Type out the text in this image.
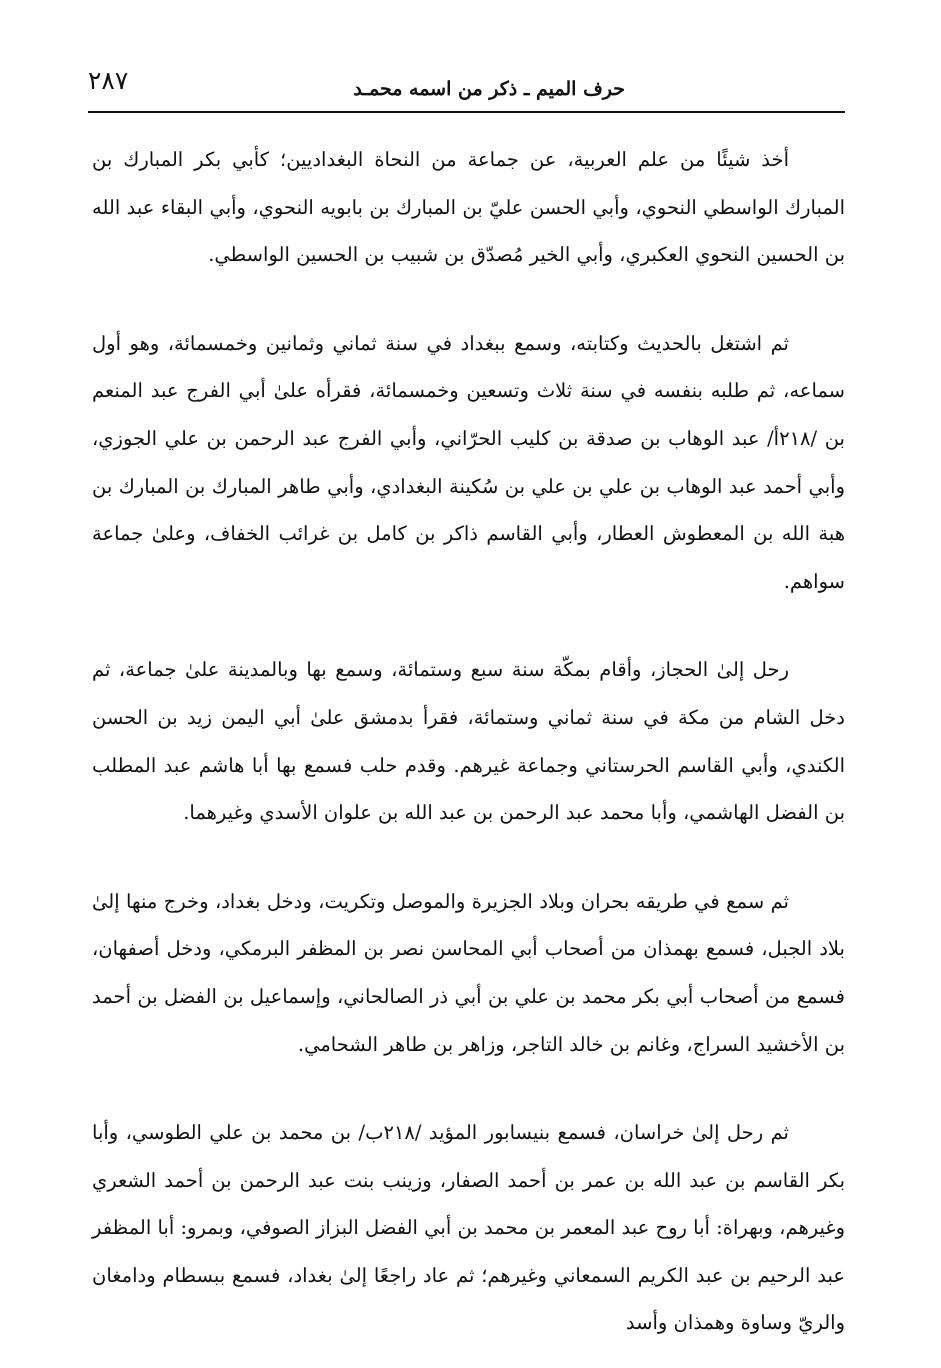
حرف الميم ـ ذكر من اسمه محمـد
٢٨٧

أخذ شيئًا من علم العربية، عن جماعة من النحاة البغداديين؛ كأبي بكر المبارك بن المبارك الواسطي النحوي، وأبي الحسن عليّ بن المبارك بن بابويه النحوي، وأبي البقاء عبد الله بن الحسين النحوي العكبري، وأبي الخير مُصدّق بن شبيب بن الحسين الواسطي.

ثم اشتغل بالحديث وكتابته، وسمع ببغداد في سنة ثماني وثمانين وخمسمائة، وهو أول سماعه، ثم طلبه بنفسه في سنة ثلاث وتسعين وخمسمائة، فقرأه علىٰ أبي الفرج عبد المنعم بن /٢١٨أ/ عبد الوهاب بن صدقة بن كليب الحرّاني، وأبي الفرج عبد الرحمن بن علي الجوزي، وأبي أحمد عبد الوهاب بن علي بن علي بن سُكينة البغدادي، وأبي طاهر المبارك بن المبارك بن هبة الله بن المعطوش العطار، وأبي القاسم ذاكر بن كامل بن غرائب الخفاف، وعلىٰ جماعة سواهم.

رحل إلىٰ الحجاز، وأقام بمكّة سنة سبع وستمائة، وسمع بها وبالمدينة علىٰ جماعة، ثم دخل الشام من مكة في سنة ثماني وستمائة، فقرأ بدمشق علىٰ أبي اليمن زيد بن الحسن الكندي، وأبي القاسم الحرستاني وجماعة غيرهم. وقدم حلب فسمع بها أبا هاشم عبد المطلب بن الفضل الهاشمي، وأبا محمد عبد الرحمن بن عبد الله بن علوان الأسدي وغيرهما.

ثم سمع في طريقه بحران وبلاد الجزيرة والموصل وتكريت، ودخل بغداد، وخرج منها إلىٰ بلاد الجبل، فسمع بهمذان من أصحاب أبي المحاسن نصر بن المظفر البرمكي، ودخل أصفهان، فسمع من أصحاب أبي بكر محمد بن علي بن أبي ذر الصالحاني، وإسماعيل بن الفضل بن أحمد بن الأخشيد السراج، وغانم بن خالد التاجر، وزاهر بن طاهر الشحامي.

ثم رحل إلىٰ خراسان، فسمع بنيسابور المؤيد /٢١٨ب/ بن محمد بن علي الطوسي، وأبا بكر القاسم بن عبد الله بن عمر بن أحمد الصفار، وزينب بنت عبد الرحمن بن أحمد الشعري وغيرهم، وبهراة: أبا روح عبد المعمر بن محمد بن أبي الفضل البزاز الصوفي، وبمرو: أبا المظفر عبد الرحيم بن عبد الكريم السمعاني وغيرهم؛ ثم عاد راجعًا إلىٰ بغداد، فسمع ببسطام ودامغان والريّ وساوة وهمذان وأسد
